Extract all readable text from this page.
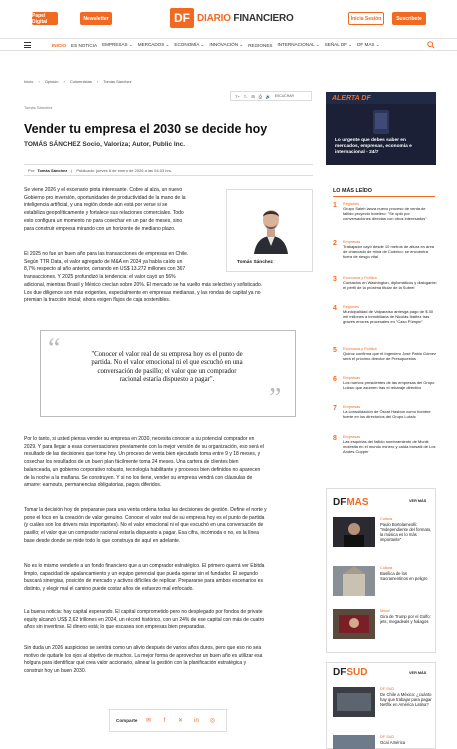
Papel Digital	Newsletter	DF DIARIO FINANCIERO	Inicia Sesión	Suscríbete
INICIO ES NOTICIA EMPRESAS ⌄ MERCADOS ⌄ ECONOMÍA ⌄ INNOVACIÓN ⌄ REGIONES INTERNACIONAL ⌄ SEÑAL DF ⌄ DF MAS ⌄
Inicio › Opinión › Columnistas › Tomás Sánchez
T+ T- ⊞ ⎙ 🔊 ESCUCHAR
Tomás Sánchez
Vender tu empresa el 2030 se decide hoy
TOMÁS SÁNCHEZ Socio, Valoriza; Autor, Public Inc.
Por: Tomás Sánchez | Publicado: jueves 8 de enero de 2026 a las 04:03 hrs.
Tomás Sánchez
Se viene 2026 y el escenario pinta interesante. Cobre al alza, un nuevo
Gobierno pro inversión, oportunidades de productividad de la mano de la
inteligencia artificial, y una región donde aún está por verse si se
estabiliza geopolíticamente y fortalece sus relaciones comerciales. Todo
esto configura un momento no para cosechar en un par de meses, sino
para construir empresa mirando con un horizonte de mediano plazo.
El 2025 no fue un buen año para las transacciones de empresas en Chile.
Según TTR Data, el valor agregado de M&A en 2024 ya había caído un
8,7% respecto al año anterior, cerrando en US$ 13.272 millones con 367
transacciones. Y 2025 profundizó la tendencia: el valor cayó un 56%
adicional, mientras Brasil y México crecían sobre 20%. El mercado se ha vuelto más selectivo y sofisticado.
Los due diligence son más exigentes, especialmente en empresas medianas, y las rondas de capital ya no
premian la tracción inicial; ahora exigen flujos de caja sostenibles.
“	"Conocer el valor real de su empresa hoy es el punto de partida. No el valor emocional ni el que escuchó en una conversación de pasillo; el valor que un comprador racional estaría dispuesto a pagar".
”
Por lo tanto, si usted piensa vender su empresa en 2030, necesita conocer a su potencial comprador en
2029. Y para llegar a esas conversaciones previamente con la mejor versión de su organización, eso será el
resultado de las decisiones que tome hoy. Un proceso de venta bien ejecutado toma entre 9 y 18 meses, y
cosechar los resultados de un buen plan fácilmente toma 24 meses. Una cartera de clientes bien
balanceada, un gobierno corporativo robusto, tecnología habilitante y procesos bien definidos no aparecen
de la noche a la mañana. Se construyen. Y si no los tiene, vender su empresa vendrá con cláusulas de
amarre: earnouts, permanencias obligatorias, pagos diferidos.
Tomar la decisión hoy de prepararse para una venta ordena todas las decisiones de gestión. Define el norte y
pone el foco en la creación de valor genuino. Conocer el valor real de su empresa hoy es el punto de partida
(y cuáles son los drivers más importantes). No el valor emocional ni el que escuchó en una conversación de
pasillo; el valor que un comprador racional estaría dispuesto a pagar. Esa cifra, incómoda o no, es la línea
base desde donde se mide todo lo que construya de aquí en adelante.
No es lo mismo venderle a un fondo financiero que a un comprador estratégico. El primero querrá ver Ebitda
limpio, capacidad de apalancamiento y un equipo gerencial que pueda operar sin el fundador. El segundo
buscará sinergias, posición de mercado y activos difíciles de replicar. Prepararse para ambos escenarios es
distinto, y elegir mal el camino puede costar años de esfuerzo mal enfocado.
La buena noticia: hay capital esperando. El capital comprometido pero no desplegado por fondos de private
equity alcanzó US$ 2,62 trillones en 2024, un récord histórico, con un 24% de ese capital con más de cuatro
años sin invertirse. El dinero está; lo que escasea son empresas bien preparadas.
Sin duda un 2026 auspicioso se sentirá como un alivio después de varios años duros, pero que eso no sea
motivo de quitarle los ojos al objetivo de muchos. La mejor forma de aprovechar un buen año es utilizar esa
holgura para identificar qué crea valor accionario, alinear la gestión con la planificación estratégica y
construir hoy un buen 2030.
Comparte ✉	f	✕ in ◎
ALERTA DF
Lo urgente que debes saber en mercados, empresas, economía e internacional - 24/7
LO MÁS LEÍDO
1 Regiones
Grupo Saieh lanza nuevo proceso de venta de fallido proyecto hotelero: "Se optó por conversaciones directas con otros interesados"
2 Empresas
Trabajador cayó desde 10 metros de altura en área de chancado de mina de Codelco: se encuentra fuera de riesgo vital
3 Economía y Política
Contactos en Washington, diplomáticos y dialogante: el perfil de la próxima titular de la Subrei
4 Regiones
Municipalidad de Valparaíso arriesga pago de $ 30 mil millones a inmobiliaria de Nicolás Ibáñez tras graves errores procesales en "Caso Pümpin"
5 Economía y Política
Quiroz confirma que el Ingeniero José Pablo Gómez será el próximo director de Presupuestos
6 Empresas
Los nuevos presidentes de las empresas del Grupo Luksic que asumen tras el rebaraje directivo
7 Empresas
La consolidación de Óscar Hasbún como hombre fuerte en los directorios del Grupo Luksic
8 Empresas
Las esquirlas del fallido nombramiento de Montt: molestia en el mundo minero y caída bursátil de Los Andes Copper
DFMAS	VER MÁS
Cultura
Paulo Bortolameolli: "Independiente del formato, la música es lo más importante"
Cultura
Basílica de los Sacramentinos en peligro
Mood
Gira de Trump por el Golfo: jets, megadeals y halagos
DFSUD	VER MÁS
DF SUD
De Chile a México: ¿cuánto hay que trabajar para pagar Netflix en América Latina?
DF SUD
Ocaí América
